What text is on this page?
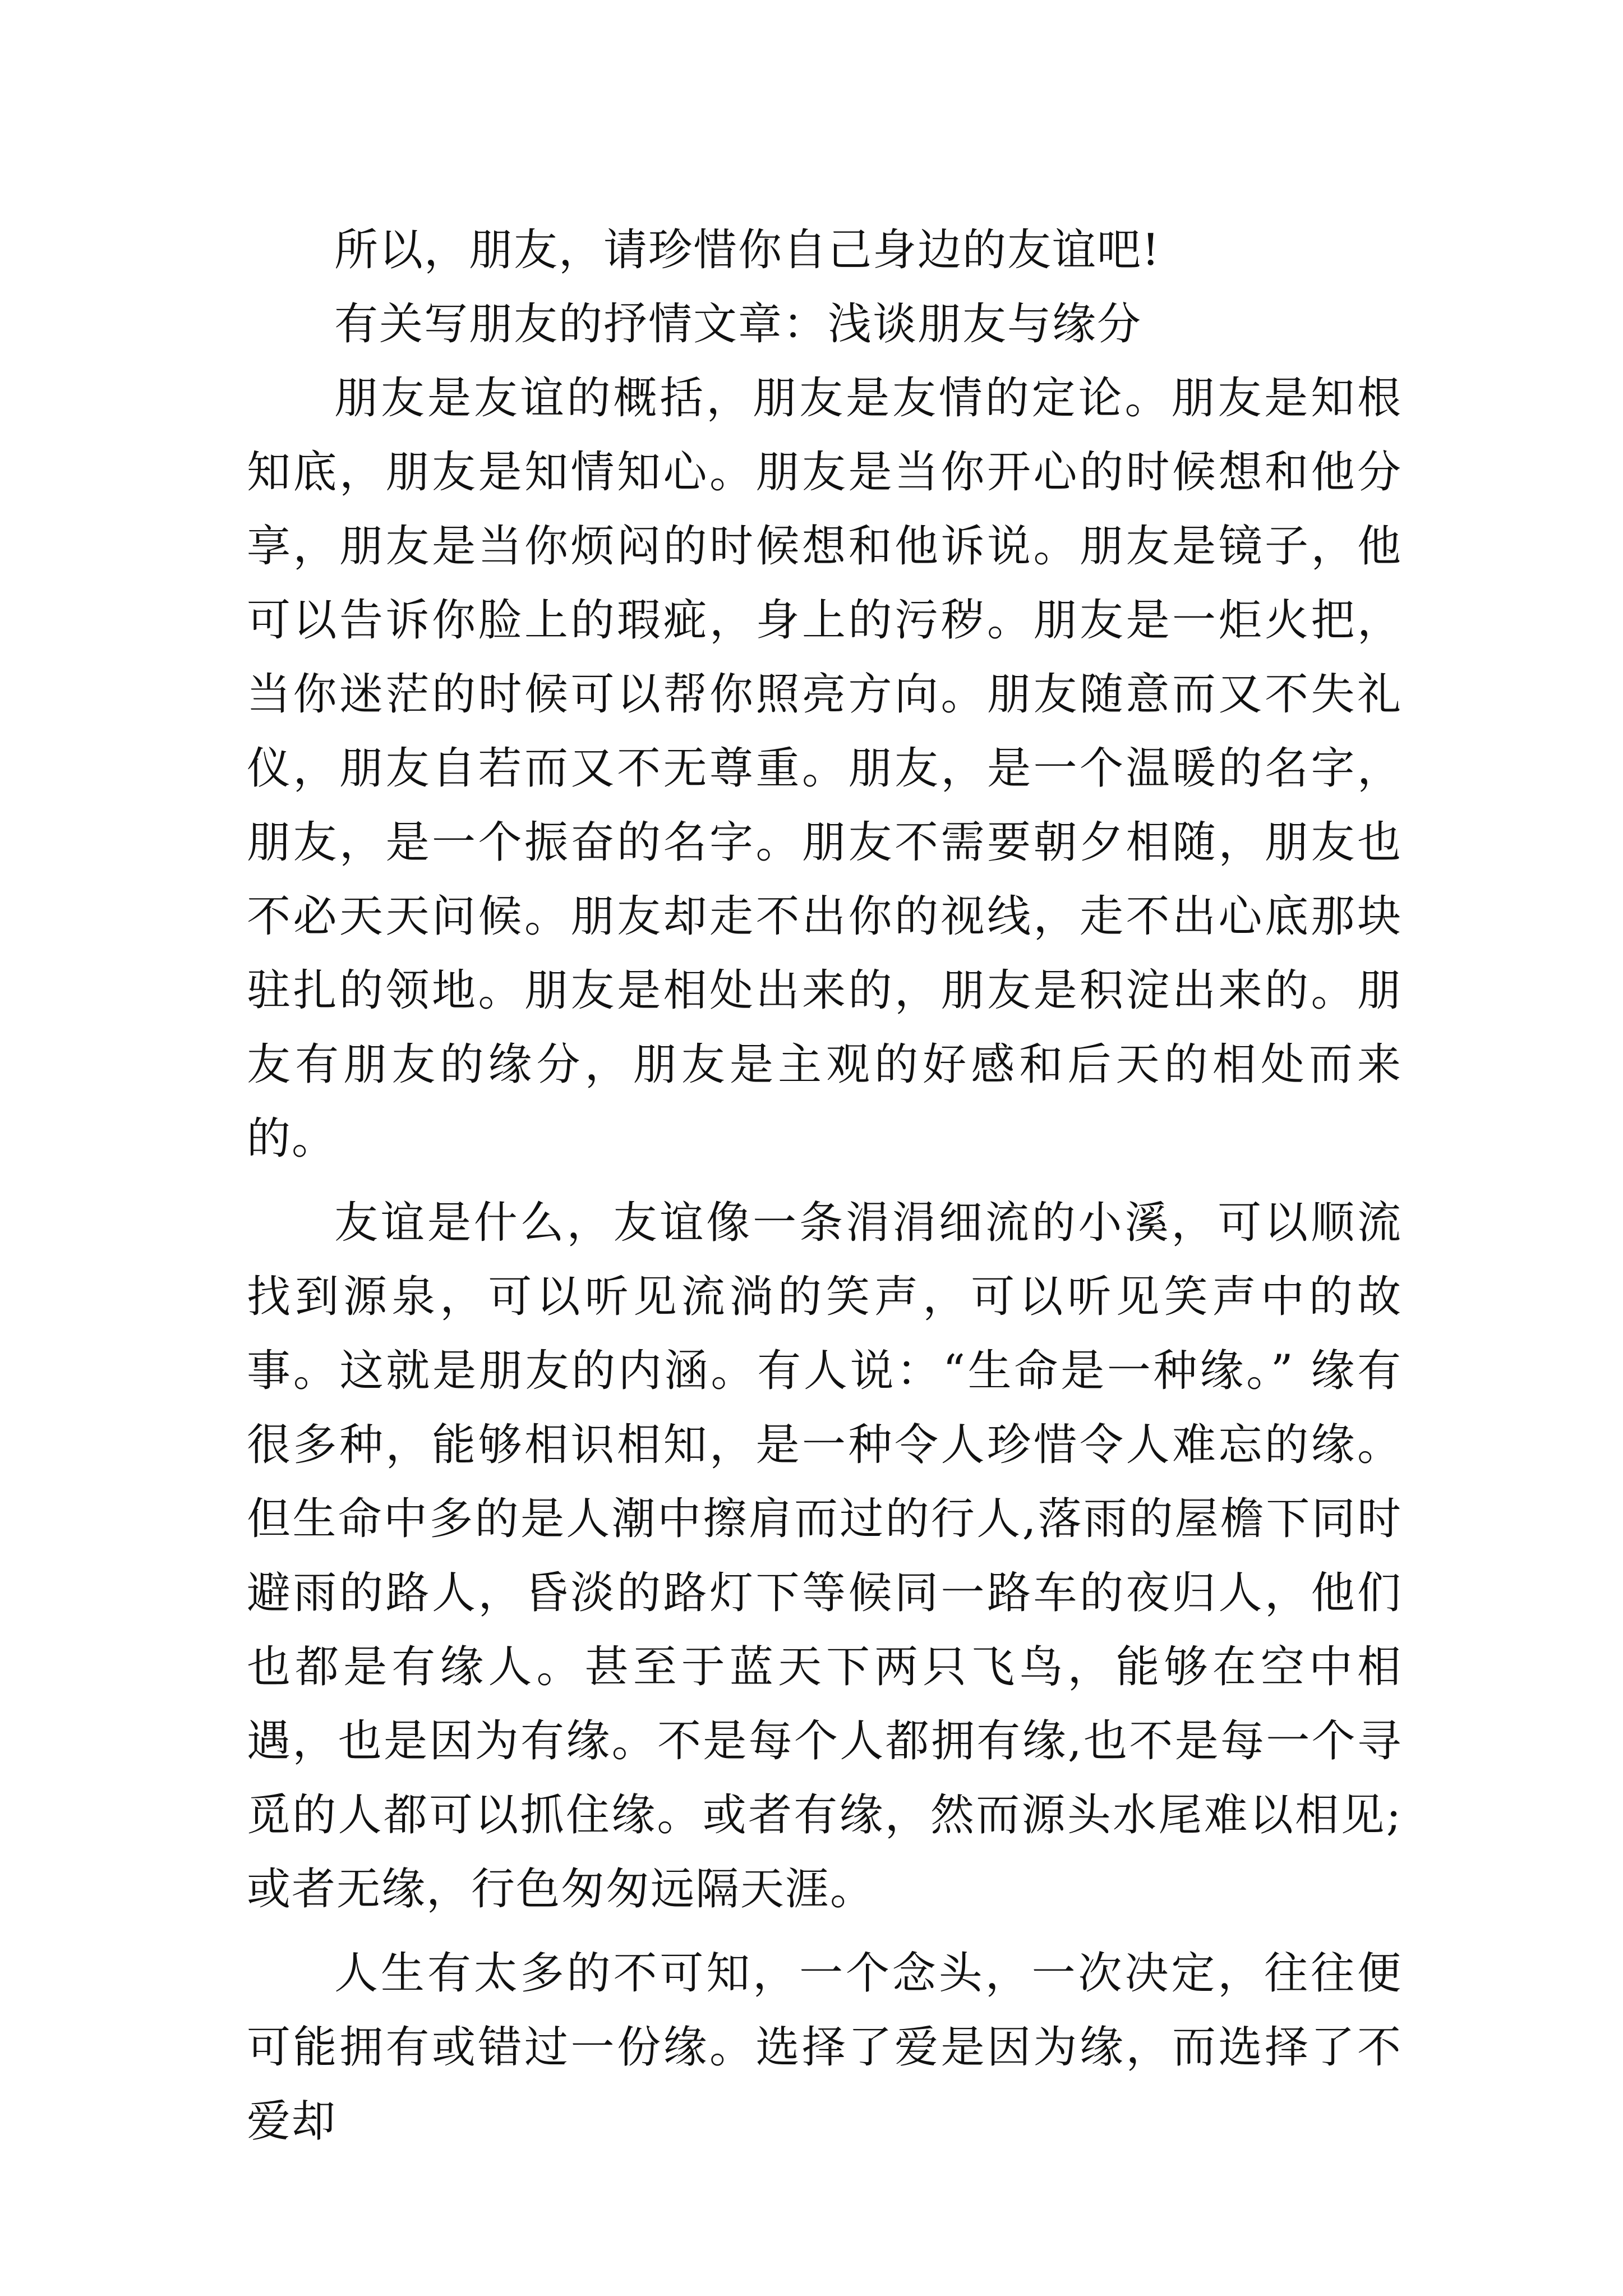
所以，朋友，请珍惜你自己身边的友谊吧!

有关写朋友的抒情文章：浅谈朋友与缘分

朋友是友谊的概括，朋友是友情的定论。朋友是知根知底，朋友是知情知心。朋友是当你开心的时候想和他分享，朋友是当你烦闷的时候想和他诉说。朋友是镜子，他可以告诉你脸上的瑕疵，身上的污秽。朋友是一炬火把，当你迷茫的时候可以帮你照亮方向。朋友随意而又不失礼仪，朋友自若而又不无尊重。朋友，是一个温暖的名字，朋友，是一个振奋的名字。朋友不需要朝夕相随，朋友也不必天天问候。朋友却走不出你的视线，走不出心底那块驻扎的领地。朋友是相处出来的，朋友是积淀出来的。朋友有朋友的缘分，朋友是主观的好感和后天的相处而来的。

友谊是什么，友谊像一条涓涓细流的小溪，可以顺流找到源泉，可以听见流淌的笑声，可以听见笑声中的故事。这就是朋友的内涵。有人说：“生命是一种缘。” 缘有很多种，能够相识相知，是一种令人珍惜令人难忘的缘。但生命中多的是人潮中擦肩而过的行人,落雨的屋檐下同时避雨的路人，昏淡的路灯下等候同一路车的夜归人，他们也都是有缘人。甚至于蓝天下两只飞鸟，能够在空中相遇，也是因为有缘。不是每个人都拥有缘,也不是每一个寻觅的人都可以抓住缘。或者有缘，然而源头水尾难以相见;或者无缘，行色匆匆远隔天涯。

人生有太多的不可知，一个念头，一次决定，往往便可能拥有或错过一份缘。选择了爱是因为缘，而选择了不爱却
